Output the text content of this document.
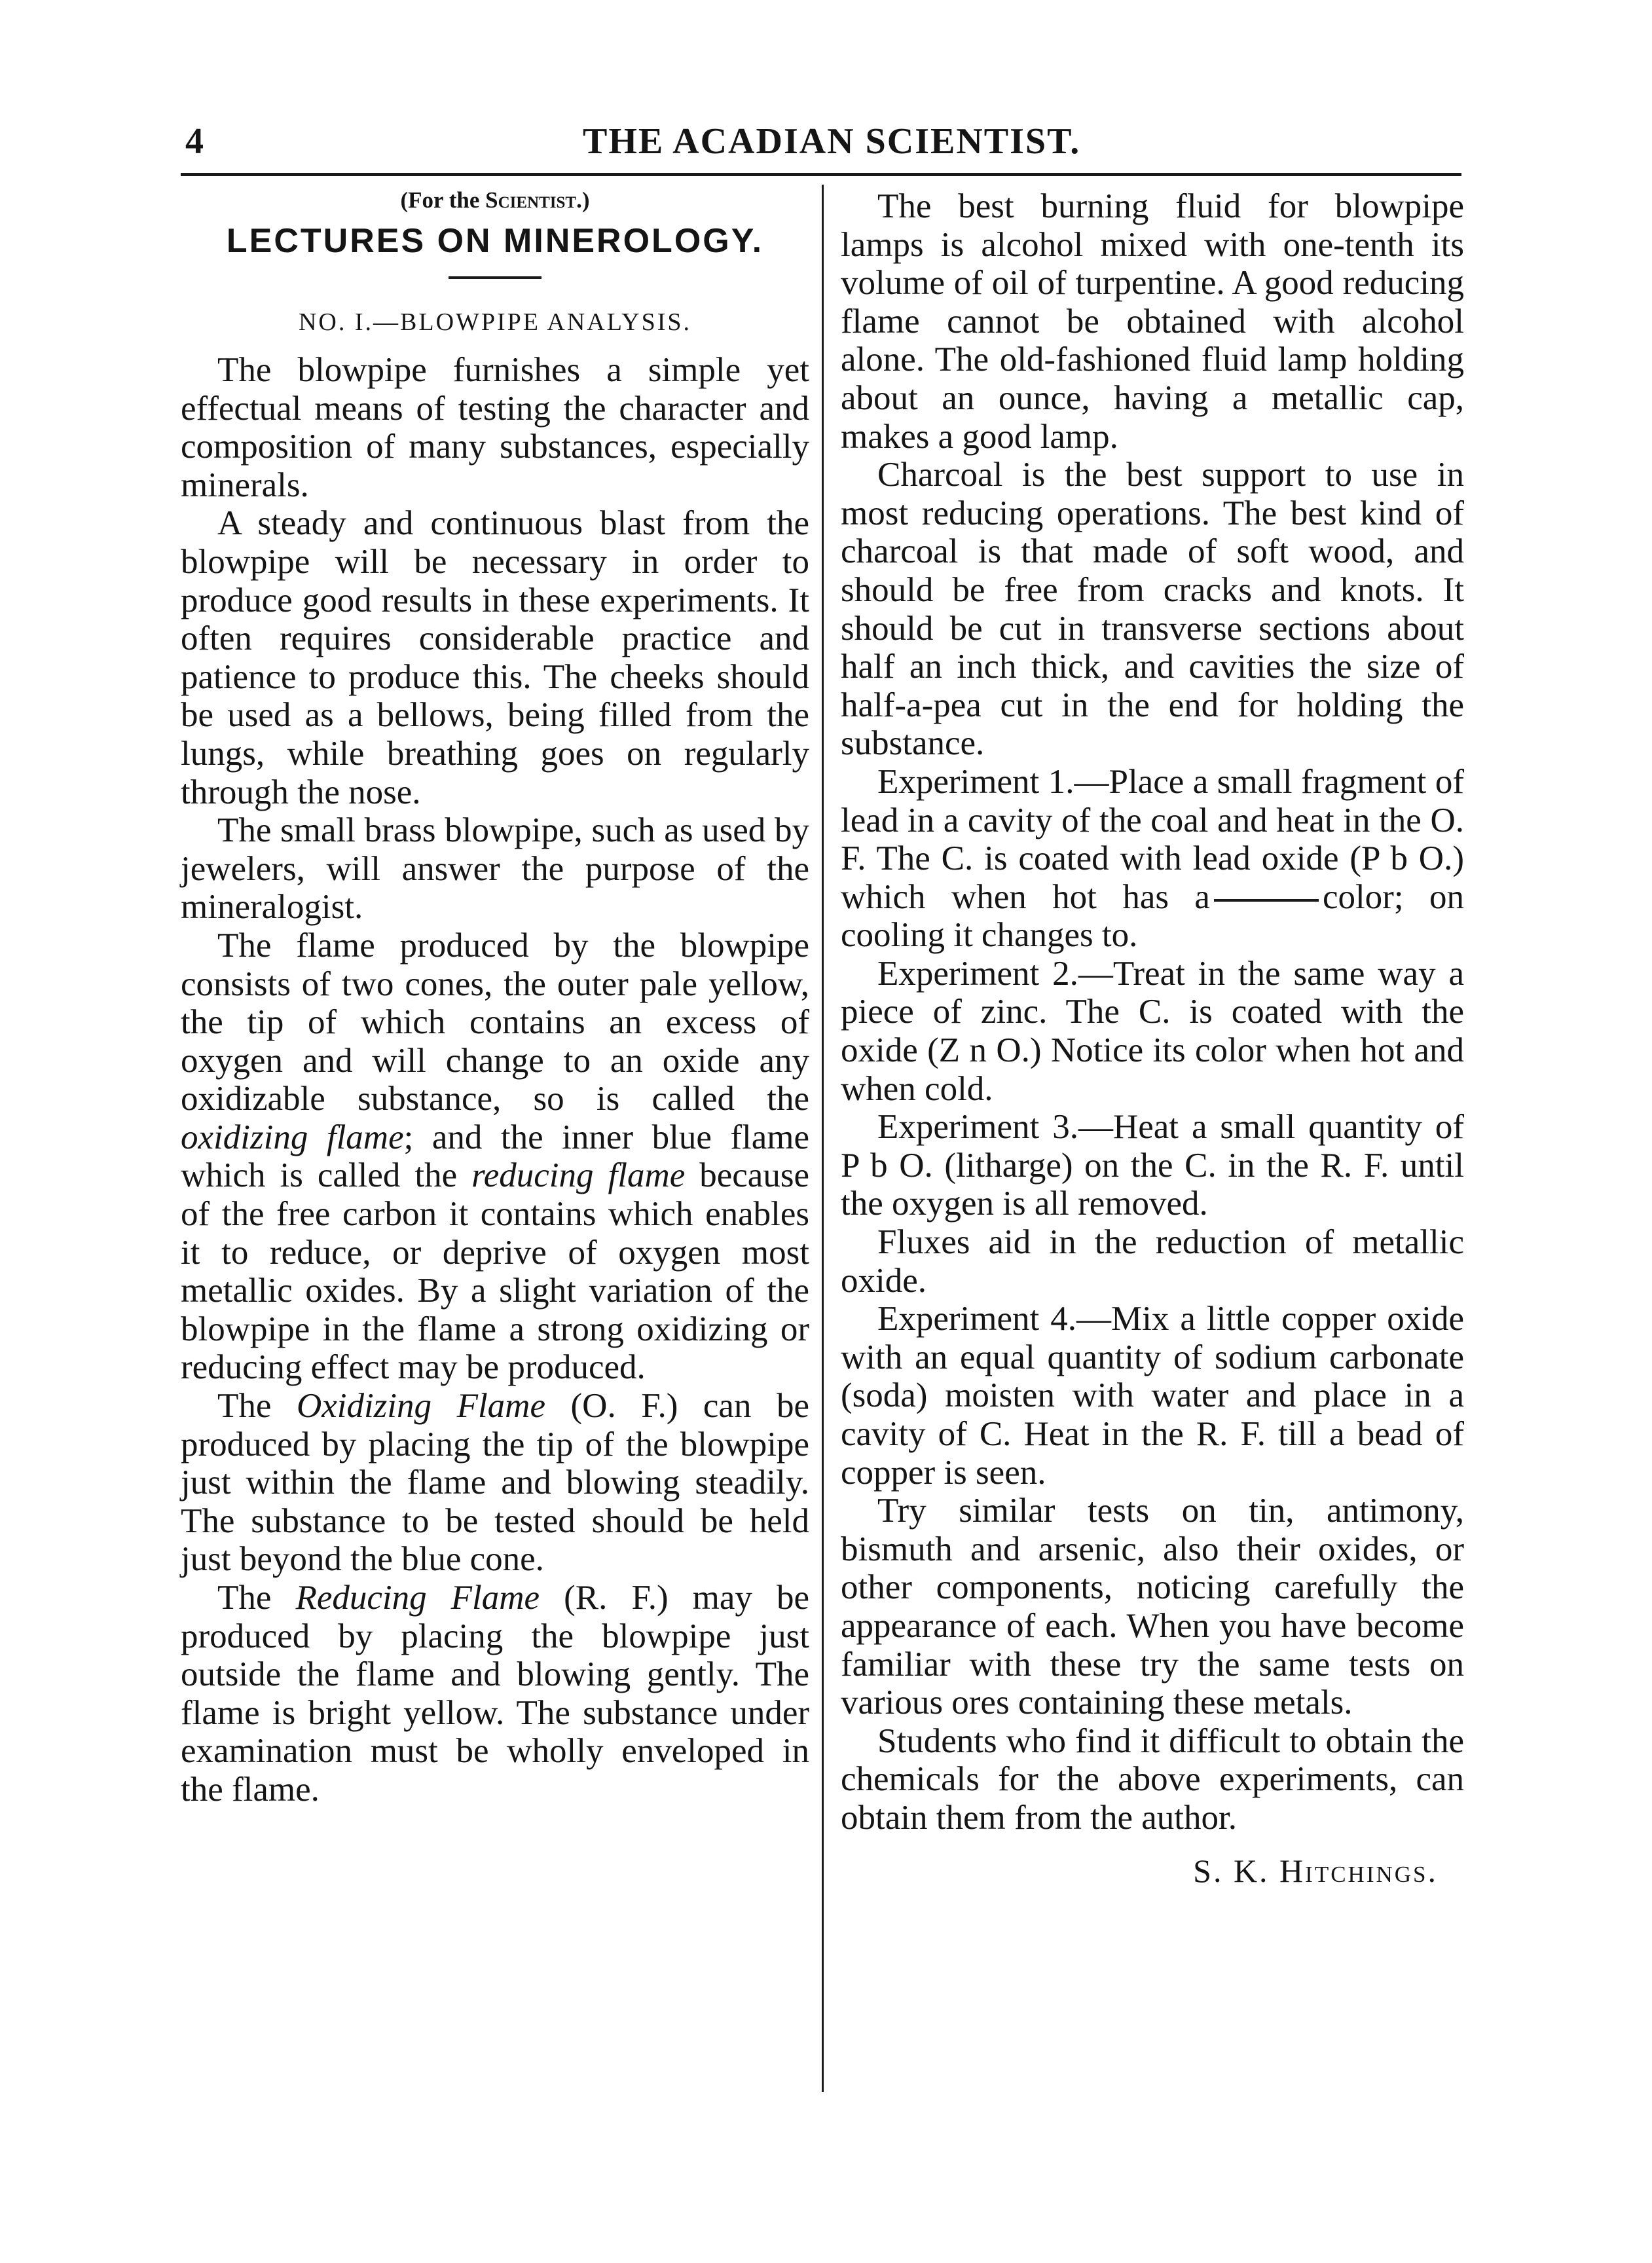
4	THE ACADIAN SCIENTIST.
(For the Scientist.)
LECTURES ON MINEROLOGY.
NO. I.—BLOWPIPE ANALYSIS.

The blowpipe furnishes a simple yet effectual means of testing the character and composition of many substances, especially minerals.

A steady and continuous blast from the blowpipe will be necessary in order to produce good results in these experiments. It often requires considerable practice and patience to produce this. The cheeks should be used as a bellows, being filled from the lungs, while breathing goes on regularly through the nose.

The small brass blowpipe, such as used by jewelers, will answer the purpose of the mineralogist.

The flame produced by the blowpipe consists of two cones, the outer pale yellow, the tip of which contains an excess of oxygen and will change to an oxide any oxidizable substance, so is called the oxidizing flame; and the inner blue flame which is called the reducing flame because of the free carbon it contains which enables it to reduce, or deprive of oxygen most metallic oxides. By a slight variation of the blowpipe in the flame a strong oxidizing or reducing effect may be produced.

The Oxidizing Flame (O. F.) can be produced by placing the tip of the blowpipe just within the flame and blowing steadily. The substance to be tested should be held just beyond the blue cone.

The Reducing Flame (R. F.) may be produced by placing the blowpipe just outside the flame and blowing gently. The flame is bright yellow. The substance under examination must be wholly enveloped in the flame.

The best burning fluid for blowpipe lamps is alcohol mixed with one-tenth its volume of oil of turpentine. A good reducing flame cannot be obtained with alcohol alone. The old-fashioned fluid lamp holding about an ounce, having a metallic cap, makes a good lamp.

Charcoal is the best support to use in most reducing operations. The best kind of charcoal is that made of soft wood, and should be free from cracks and knots. It should be cut in transverse sections about half an inch thick, and cavities the size of half-a-pea cut in the end for holding the substance.

Experiment 1.—Place a small fragment of lead in a cavity of the coal and heat in the O. F. The C. is coated with lead oxide (P b O.) which when hot has a	color; on cooling it changes to.

Experiment 2.—Treat in the same way a piece of zinc. The C. is coated with the oxide (Z n O.) Notice its color when hot and when cold.

Experiment 3.—Heat a small quantity of P b O. (litharge) on the C. in the R. F. until the oxygen is all removed.

Fluxes aid in the reduction of metallic oxide.

Experiment 4.—Mix a little copper oxide with an equal quantity of sodium carbonate (soda) moisten with water and place in a cavity of C. Heat in the R. F. till a bead of copper is seen.

Try similar tests on tin, antimony, bismuth and arsenic, also their oxides, or other components, noticing carefully the appearance of each. When you have become familiar with these try the same tests on various ores containing these metals.

Students who find it difficult to obtain the chemicals for the above experiments, can obtain them from the author.

S. K. Hitchings.
